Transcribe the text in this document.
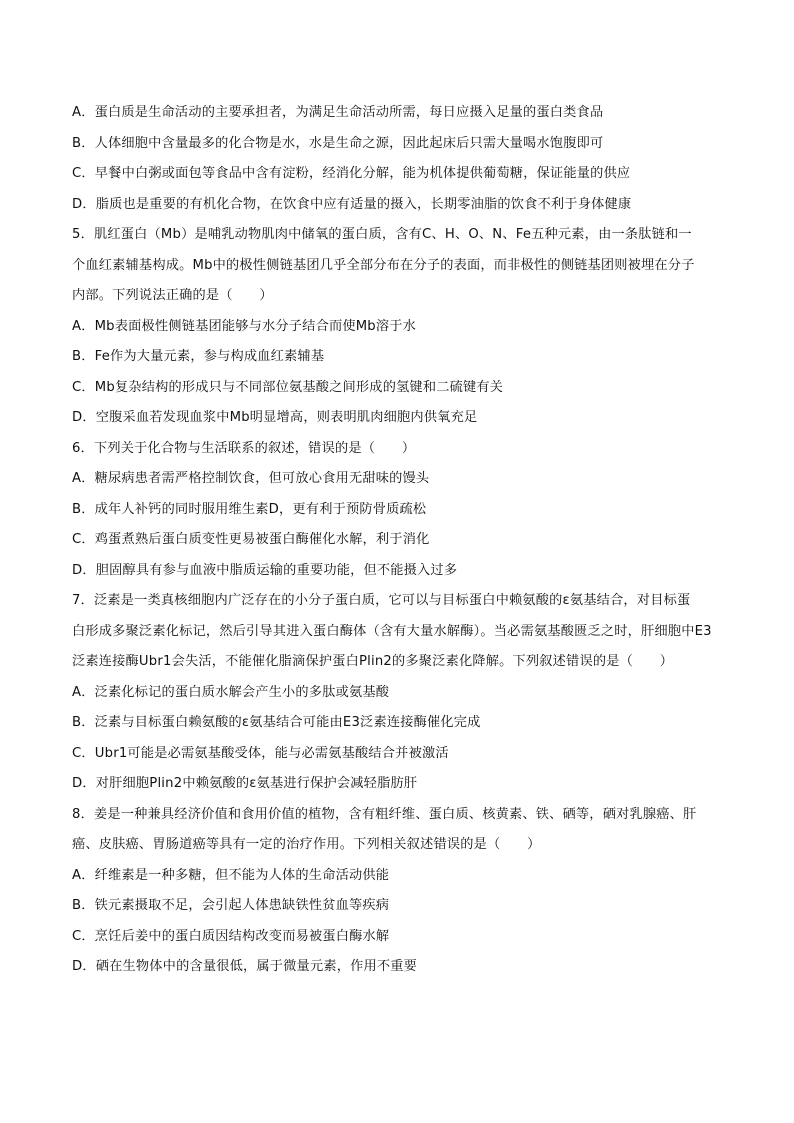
A．蛋白质是生命活动的主要承担者，为满足生命活动所需，每日应摄入足量的蛋白类食品
B．人体细胞中含量最多的化合物是水，水是生命之源，因此起床后只需大量喝水饱腹即可
C．早餐中白粥或面包等食品中含有淀粉，经消化分解，能为机体提供葡萄糖，保证能量的供应
D．脂质也是重要的有机化合物，在饮食中应有适量的摄入，长期零油脂的饮食不利于身体健康
5．肌红蛋白（Mb）是哺乳动物肌肉中储氧的蛋白质，含有C、H、O、N、Fe五种元素，由一条肽链和一
个血红素辅基构成。Mb中的极性侧链基团几乎全部分布在分子的表面，而非极性的侧链基团则被埋在分子
内部。下列说法正确的是（　　）
A．Mb表面极性侧链基团能够与水分子结合而使Mb溶于水
B．Fe作为大量元素，参与构成血红素辅基
C．Mb复杂结构的形成只与不同部位氨基酸之间形成的氢键和二硫键有关
D．空腹采血若发现血浆中Mb明显增高，则表明肌肉细胞内供氧充足
6．下列关于化合物与生活联系的叙述，错误的是（　　）
A．糖尿病患者需严格控制饮食，但可放心食用无甜味的馒头
B．成年人补钙的同时服用维生素D，更有利于预防骨质疏松
C．鸡蛋煮熟后蛋白质变性更易被蛋白酶催化水解，利于消化
D．胆固醇具有参与血液中脂质运输的重要功能，但不能摄入过多
7．泛素是一类真核细胞内广泛存在的小分子蛋白质，它可以与目标蛋白中赖氨酸的ε氨基结合，对目标蛋
白形成多聚泛素化标记，然后引导其进入蛋白酶体（含有大量水解酶）。当必需氨基酸匮乏之时，肝细胞中E3
泛素连接酶Ubr1会失活，不能催化脂滴保护蛋白Plin2的多聚泛素化降解。下列叙述错误的是（　　）
A．泛素化标记的蛋白质水解会产生小的多肽或氨基酸
B．泛素与目标蛋白赖氨酸的ε氨基结合可能由E3泛素连接酶催化完成
C．Ubr1可能是必需氨基酸受体，能与必需氨基酸结合并被激活
D．对肝细胞Plin2中赖氨酸的ε氨基进行保护会减轻脂肪肝
8．姜是一种兼具经济价值和食用价值的植物，含有粗纤维、蛋白质、核黄素、铁、硒等，硒对乳腺癌、肝
癌、皮肤癌、胃肠道癌等具有一定的治疗作用。下列相关叙述错误的是（　　）
A．纤维素是一种多糖，但不能为人体的生命活动供能
B．铁元素摄取不足，会引起人体患缺铁性贫血等疾病
C．烹饪后姜中的蛋白质因结构改变而易被蛋白酶水解
D．硒在生物体中的含量很低，属于微量元素，作用不重要
